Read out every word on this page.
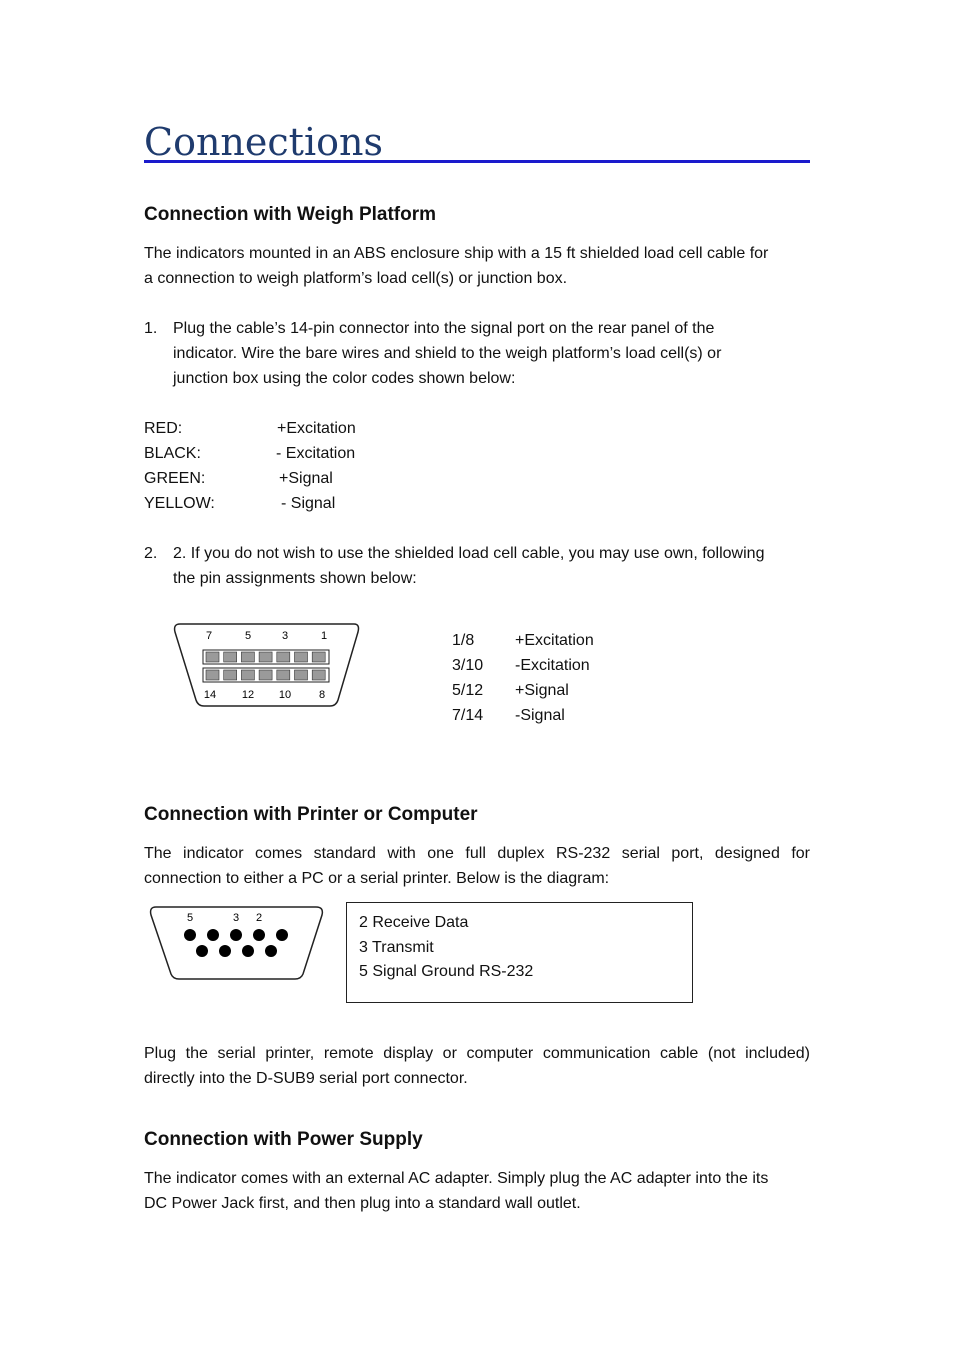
Connections
Connection with Weigh Platform
The indicators mounted in an ABS enclosure ship with a 15 ft shielded load cell cable for
a connection to weigh platform’s load cell(s) or junction box.
1. Plug the cable’s 14-pin connector into the signal port on the rear panel of the
indicator. Wire the bare wires and shield to the weigh platform’s load cell(s) or
junction box using the color codes shown below:
RED:	+Excitation
BLACK:	- Excitation
GREEN:	+Signal
YELLOW:	- Signal
2. 2. If you do not wish to use the shielded load cell cable, you may use own, following
the pin assignments shown below:
7	5	3	1
14 12 10	8
1/8	+Excitation
3/10 -Excitation
5/12 +Signal
7/14 -Signal
Connection with Printer or Computer
The indicator comes standard with one full duplex RS-232 serial port, designed for
connection to either a PC or a serial printer. Below is the diagram:
5	3 2	2 Receive Data
3 Transmit
5 Signal Ground RS-232
Plug the serial printer, remote display or computer communication cable (not included)
directly into the D-SUB9 serial port connector.
Connection with Power Supply
The indicator comes with an external AC adapter. Simply plug the AC adapter into the its
DC Power Jack first, and then plug into a standard wall outlet.
